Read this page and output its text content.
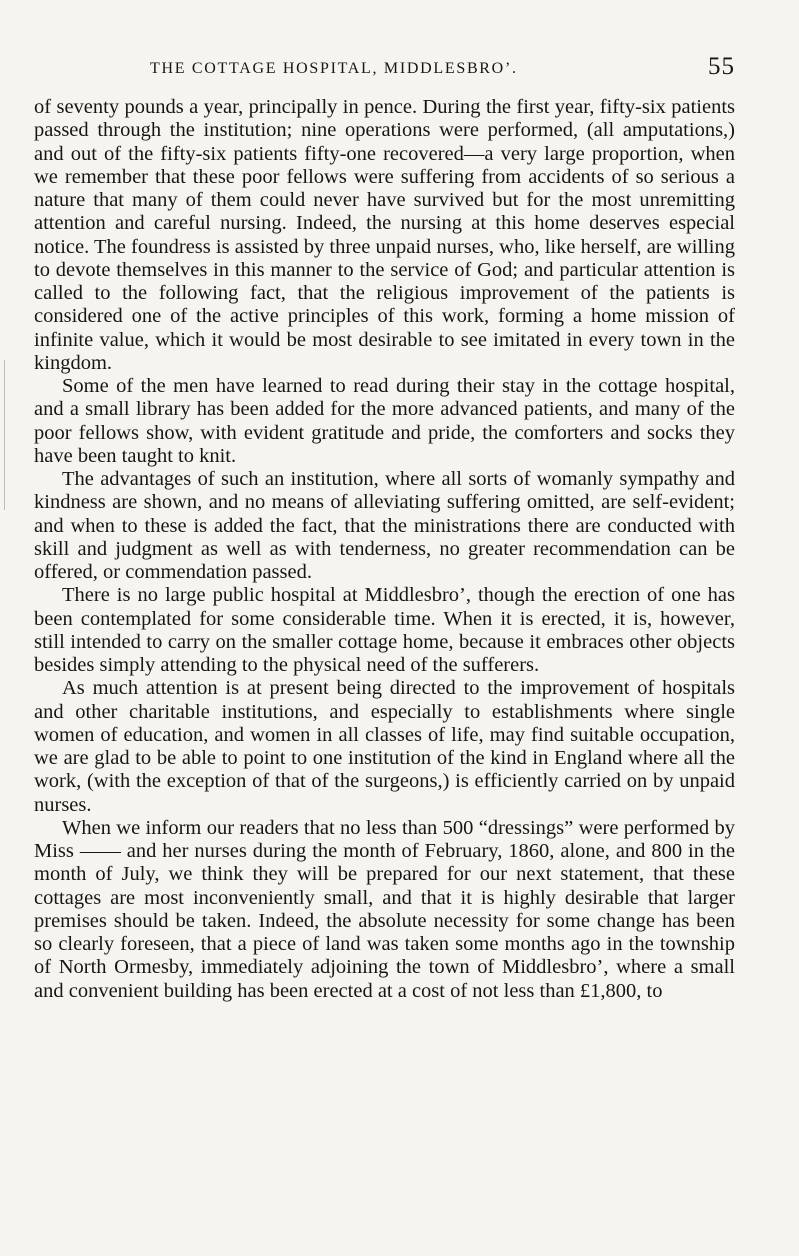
THE COTTAGE HOSPITAL, MIDDLESBRO’.	55

of seventy pounds a year, principally in pence. During the first year, fifty-six patients passed through the institution; nine operations were performed, (all amputations,) and out of the fifty-six patients fifty-one recovered—a very large proportion, when we remember that these poor fellows were suffering from accidents of so serious a nature that many of them could never have survived but for the most unremitting attention and careful nursing. Indeed, the nursing at this home deserves especial notice. The foundress is assisted by three unpaid nurses, who, like herself, are willing to devote themselves in this manner to the service of God; and particular attention is called to the following fact, that the religious improvement of the patients is considered one of the active principles of this work, forming a home mission of infinite value, which it would be most desirable to see imitated in every town in the kingdom.

Some of the men have learned to read during their stay in the cottage hospital, and a small library has been added for the more advanced patients, and many of the poor fellows show, with evident gratitude and pride, the comforters and socks they have been taught to knit.

The advantages of such an institution, where all sorts of womanly sympathy and kindness are shown, and no means of alleviating suffering omitted, are self-evident; and when to these is added the fact, that the ministrations there are conducted with skill and judgment as well as with tenderness, no greater recommendation can be offered, or commendation passed.

There is no large public hospital at Middlesbro’, though the erection of one has been contemplated for some considerable time. When it is erected, it is, however, still intended to carry on the smaller cottage home, because it embraces other objects besides simply attending to the physical need of the sufferers.

As much attention is at present being directed to the improvement of hospitals and other charitable institutions, and especially to establishments where single women of education, and women in all classes of life, may find suitable occupation, we are glad to be able to point to one institution of the kind in England where all the work, (with the exception of that of the surgeons,) is efficiently carried on by unpaid nurses.

When we inform our readers that no less than 500 “dressings” were performed by Miss —— and her nurses during the month of February, 1860, alone, and 800 in the month of July, we think they will be prepared for our next statement, that these cottages are most inconveniently small, and that it is highly desirable that larger premises should be taken. Indeed, the absolute necessity for some change has been so clearly foreseen, that a piece of land was taken some months ago in the township of North Ormesby, immediately adjoining the town of Middlesbro’, where a small and convenient building has been erected at a cost of not less than £1,800, to
